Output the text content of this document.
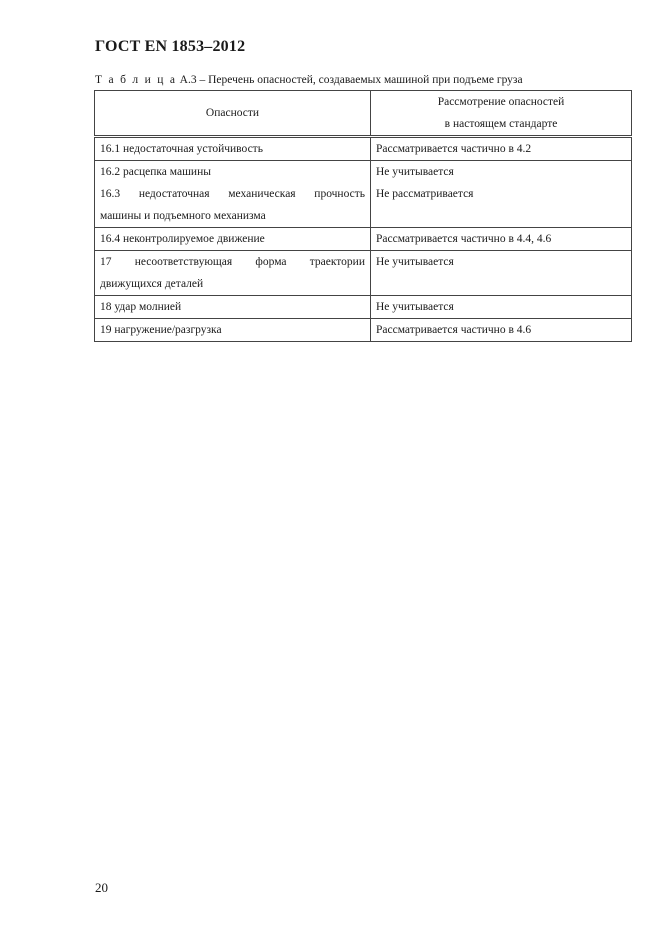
ГОСТ EN 1853–2012
Т а б л и ц а А.3 – Перечень опасностей, создаваемых машиной при подъеме груза
Опасности	Рассмотрение опасностей
в настоящем стандарте

16.1 недостаточная устойчивость	Рассматривается частично в 4.2
16.2 расцепка машины	Не учитывается

16.3 недостаточная механическая прочность
машины и подъемного механизма	Не рассматривается
16.4 неконтролируемое движение	Рассматривается частично в 4.4, 4.6

17 несоответствующая форма траектории
движущихся деталей	Не учитывается
18 удар молнией	Не учитывается
19 нагружение/разгрузка	Рассматривается частично в 4.6
20
